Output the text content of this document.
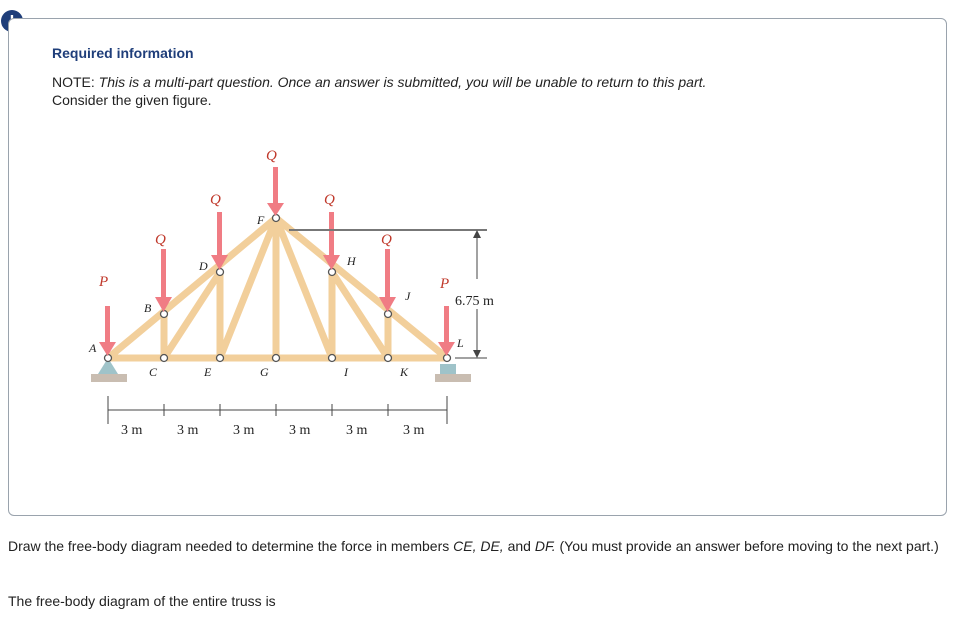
Required information
NOTE: This is a multi-part question. Once an answer is submitted, you will be unable to return to this part.
Consider the given figure.
P
Q
Q
Q
Q
Q
P
A
B
C
D
E
F
G
H
I
J
K
L
6.75 m
3 m 3 m 3 m 3 m	3 m	3 m
Draw the free-body diagram needed to determine the force in members CE, DE, and DF. (You must provide an answer before moving to the next part.)
The free-body diagram of the entire truss is
